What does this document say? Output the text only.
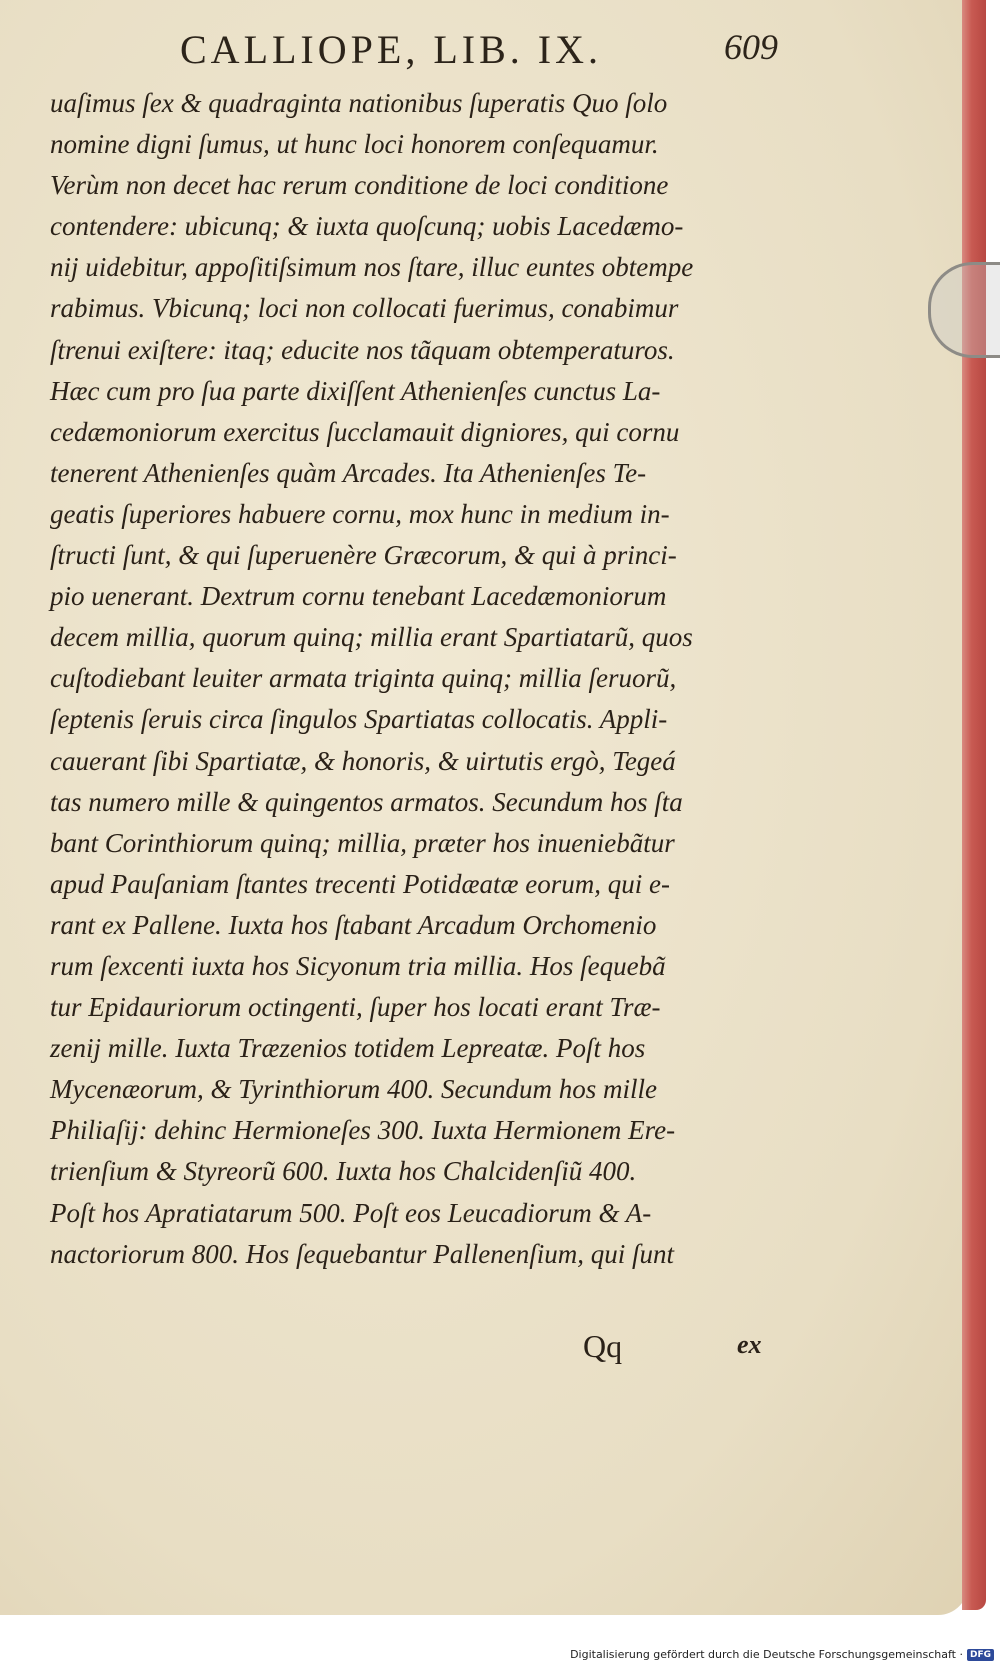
CALLIOPE, LIB. IX.	609
uaſimus ſex & quadraginta nationibus ſuperatis Quo ſolo
nomine digni ſumus, ut hunc loci honorem conſequamur.
Verùm non decet hac rerum conditione de loci conditione
contendere: ubicunq; & iuxta quoſcunq; uobis Lacedæmo-
nij uidebitur, appoſitiſsimum nos ſtare, illuc euntes obtempe
rabimus. Vbicunq; loci non collocati fuerimus, conabimur
ſtrenui exiſtere: itaq; educite nos tãquam obtemperaturos.
Hæc cum pro ſua parte dixiſſent Athenienſes cunctus La-
cedæmoniorum exercitus ſucclamauit digniores, qui cornu
tenerent Athenienſes quàm Arcades. Ita Athenienſes Te-
geatis ſuperiores habuere cornu, mox hunc in medium in-
ſtructi ſunt, & qui ſuperuenère Græcorum, & qui à princi-
pio uenerant. Dextrum cornu tenebant Lacedæmoniorum
decem millia, quorum quinq; millia erant Spartiatarũ, quos
cuſtodiebant leuiter armata triginta quinq; millia ſeruorũ,
ſeptenis ſeruis circa ſingulos Spartiatas collocatis. Appli-
cauerant ſibi Spartiatæ, & honoris, & uirtutis ergò, Tegeá
tas numero mille & quingentos armatos. Secundum hos ſta
bant Corinthiorum quinq; millia, præter hos inueniebãtur
apud Pauſaniam ſtantes trecenti Potidæatæ eorum, qui e-
rant ex Pallene. Iuxta hos ſtabant Arcadum Orchomenio
rum ſexcenti iuxta hos Sicyonum tria millia. Hos ſequebã
tur Epidauriorum octingenti, ſuper hos locati erant Træ-
zenij mille. Iuxta Træzenios totidem Lepreatæ. Poſt hos
Mycenæorum, & Tyrinthiorum 400. Secundum hos mille
Philiaſij: dehinc Hermioneſes 300. Iuxta Hermionem Ere-
trienſium & Styreorũ 600. Iuxta hos Chalcidenſiũ 400.
Poſt hos Apratiatarum 500. Poſt eos Leucadiorum & A-
nactoriorum 800. Hos ſequebantur Pallenenſium, qui ſunt
Qq	ex
Digitalisierung gefördert durch die Deutsche Forschungsgemeinschaft · DFG
